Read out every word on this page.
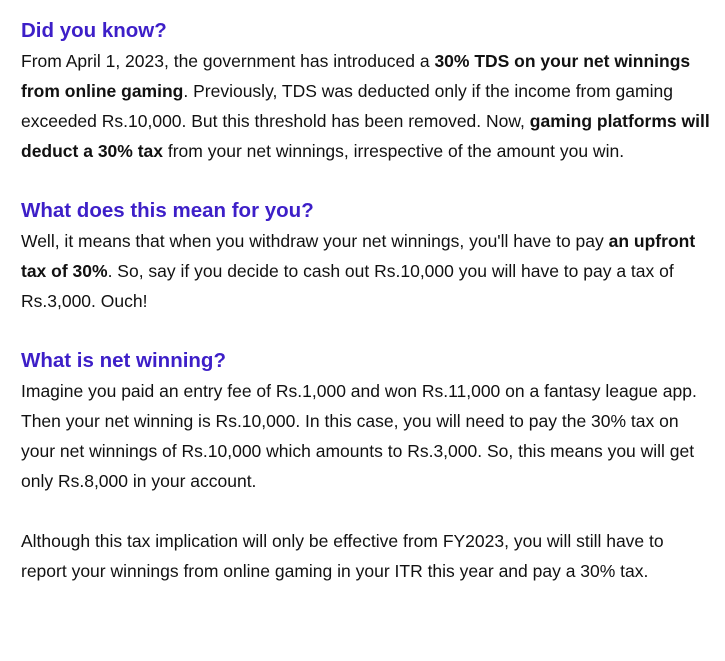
Did you know?

From April 1, 2023, the government has introduced a 30% TDS on your net winnings from online gaming. Previously, TDS was deducted only if the income from gaming exceeded Rs.10,000. But this threshold has been removed. Now, gaming platforms will deduct a 30% tax from your net winnings, irrespective of the amount you win.

What does this mean for you?

Well, it means that when you withdraw your net winnings, you'll have to pay an upfront tax of 30%. So, say if you decide to cash out Rs.10,000 you will have to pay a tax of Rs.3,000. Ouch!

What is net winning?

Imagine you paid an entry fee of Rs.1,000 and won Rs.11,000 on a fantasy league app. Then your net winning is Rs.10,000. In this case, you will need to pay the 30% tax on your net winnings of Rs.10,000 which amounts to Rs.3,000. So, this means you will get only Rs.8,000 in your account.

Although this tax implication will only be effective from FY2023, you will still have to report your winnings from online gaming in your ITR this year and pay a 30% tax.
